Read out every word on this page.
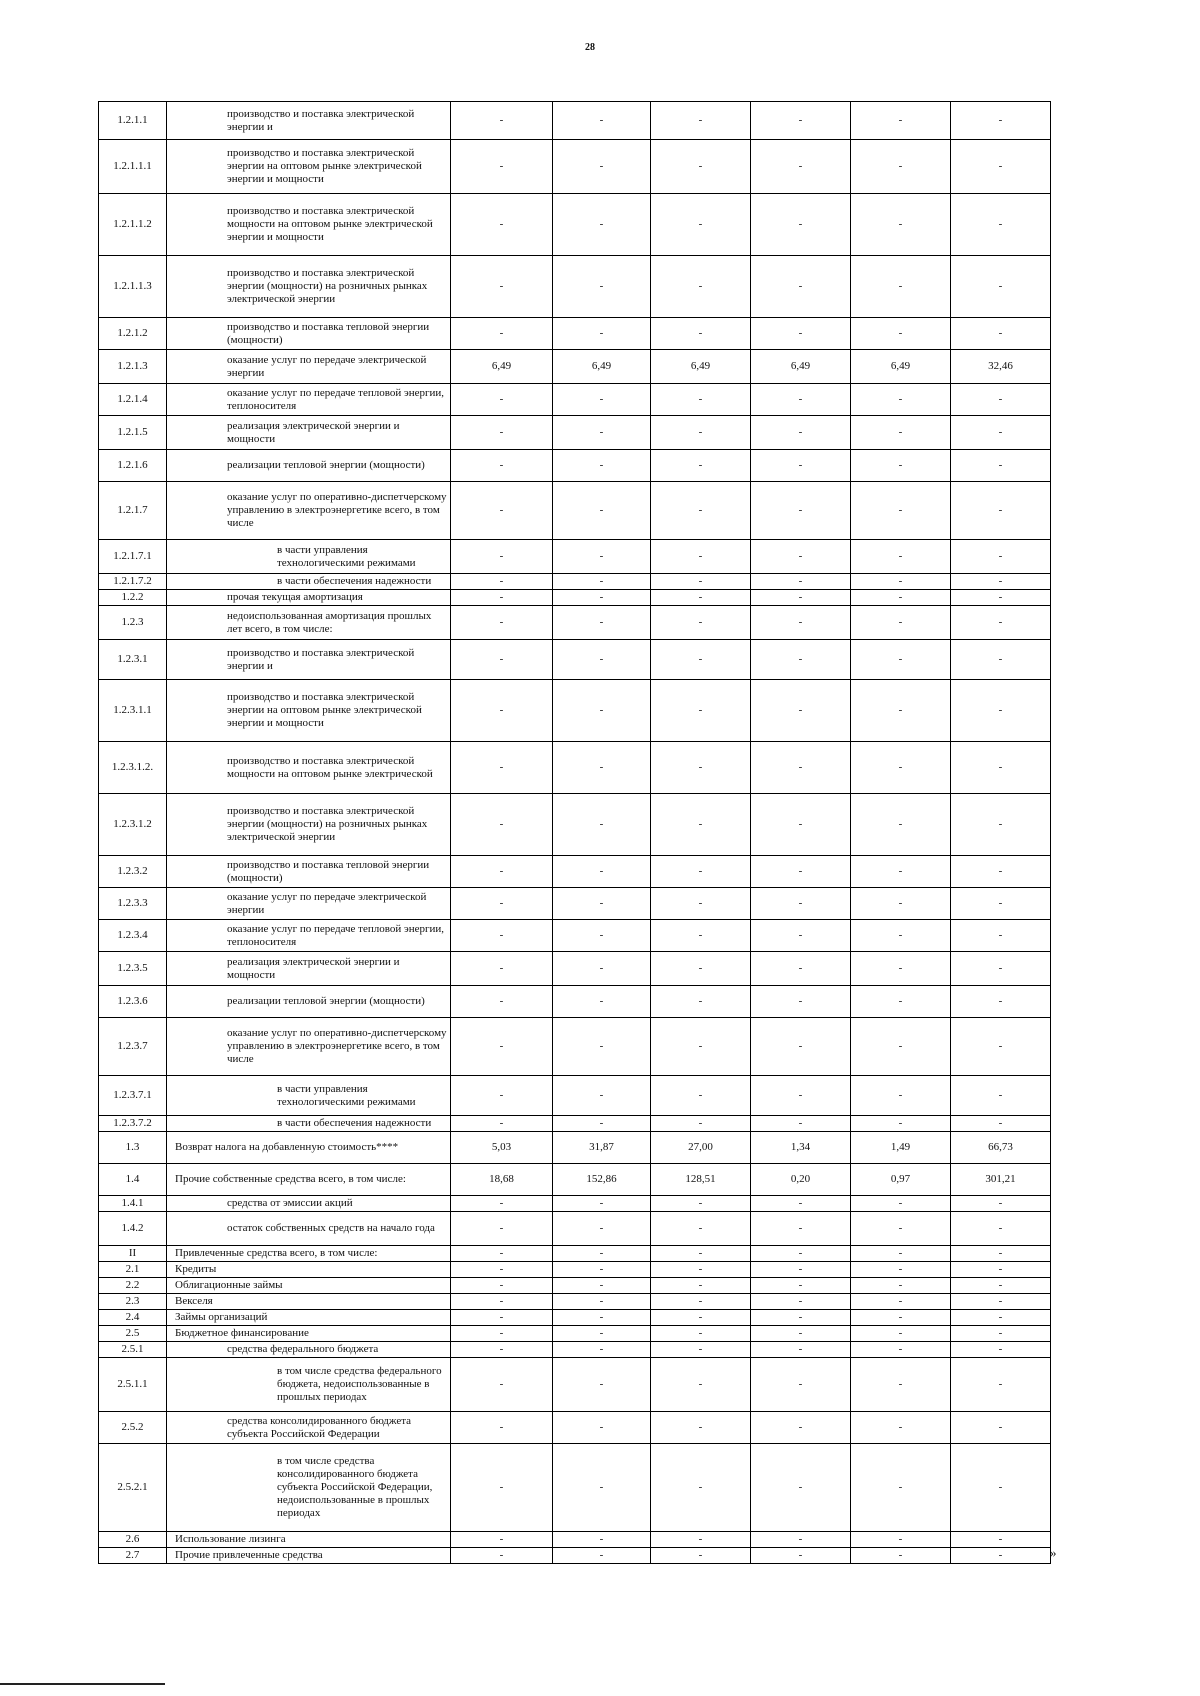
28
1.2.1.1	производство и поставка электрической энергии и	-	-	-	-	-	-
1.2.1.1.1	производство и поставка электрической энергии на оптовом рынке электрической энергии и мощности	-	-	-	-	-	-
1.2.1.1.2	производство и поставка электрической мощности на оптовом рынке электрической энергии и мощности	-	-	-	-	-	-
1.2.1.1.3	производство и поставка электрической энергии (мощности) на розничных рынках электрической энергии	-	-	-	-	-	-
1.2.1.2	производство и поставка тепловой энергии (мощности)	-	-	-	-	-	-
1.2.1.3	оказание услуг по передаче электрической энергии	6,49	6,49	6,49	6,49	6,49	32,46
1.2.1.4	оказание услуг по передаче тепловой энергии, теплоносителя	-	-	-	-	-	-
1.2.1.5	реализация электрической энергии и мощности	-	-	-	-	-	-
1.2.1.6	реализации тепловой энергии (мощности)	-	-	-	-	-	-
1.2.1.7	оказание услуг по оперативно-диспетчерскому управлению в электроэнергетике всего, в том числе	-	-	-	-	-	-
1.2.1.7.1	в части управления технологическими режимами	-	-	-	-	-	-
1.2.1.7.2	в части обеспечения надежности	-	-	-	-	-	-
1.2.2	прочая текущая амортизация	-	-	-	-	-	-
1.2.3	недоиспользованная амортизация прошлых лет всего, в том числе:	-	-	-	-	-	-
1.2.3.1	производство и поставка электрической энергии и	-	-	-	-	-	-
1.2.3.1.1	производство и поставка электрической энергии на оптовом рынке электрической энергии и мощности	-	-	-	-	-	-
1.2.3.1.2.	производство и поставка электрической мощности на оптовом рынке электрической	-	-	-	-	-	-
1.2.3.1.2	производство и поставка электрической энергии (мощности) на розничных рынках электрической энергии	-	-	-	-	-	-
1.2.3.2	производство и поставка тепловой энергии (мощности)	-	-	-	-	-	-
1.2.3.3	оказание услуг по передаче электрической энергии	-	-	-	-	-	-
1.2.3.4	оказание услуг по передаче тепловой энергии, теплоносителя	-	-	-	-	-	-
1.2.3.5	реализация электрической энергии и мощности	-	-	-	-	-	-
1.2.3.6	реализации тепловой энергии (мощности)	-	-	-	-	-	-
1.2.3.7	оказание услуг по оперативно-диспетчерскому управлению в электроэнергетике всего, в том числе	-	-	-	-	-	-
1.2.3.7.1	в части управления технологическими режимами	-	-	-	-	-	-
1.2.3.7.2	в части обеспечения надежности	-	-	-	-	-	-
1.3	Возврат налога на добавленную стоимость****	5,03	31,87	27,00	1,34	1,49	66,73
1.4	Прочие собственные средства всего, в том числе:	18,68	152,86	128,51	0,20	0,97	301,21
1.4.1	средства от эмиссии акций	-	-	-	-	-	-
1.4.2	остаток собственных средств на начало года	-	-	-	-	-	-
II	Привлеченные средства всего, в том числе:	-	-	-	-	-	-
2.1	Кредиты	-	-	-	-	-	-
2.2	Облигационные займы	-	-	-	-	-	-
2.3	Векселя	-	-	-	-	-	-
2.4	Займы организаций	-	-	-	-	-	-
2.5	Бюджетное финансирование	-	-	-	-	-	-
2.5.1	средства федерального бюджета	-	-	-	-	-	-
2.5.1.1	в том числе средства федерального бюджета, недоиспользованные в прошлых периодах	-	-	-	-	-	-
2.5.2	средства консолидированного бюджета субъекта Российской Федерации	-	-	-	-	-	-
2.5.2.1	в том числе средства консолидированного бюджета субъекта Российской Федерации, недоиспользованные в прошлых периодах	-	-	-	-	-	-
2.6	Использование лизинга	-	-	-	-	-	-
2.7	Прочие привлеченные средства	-	-	-	-	-	-	»
